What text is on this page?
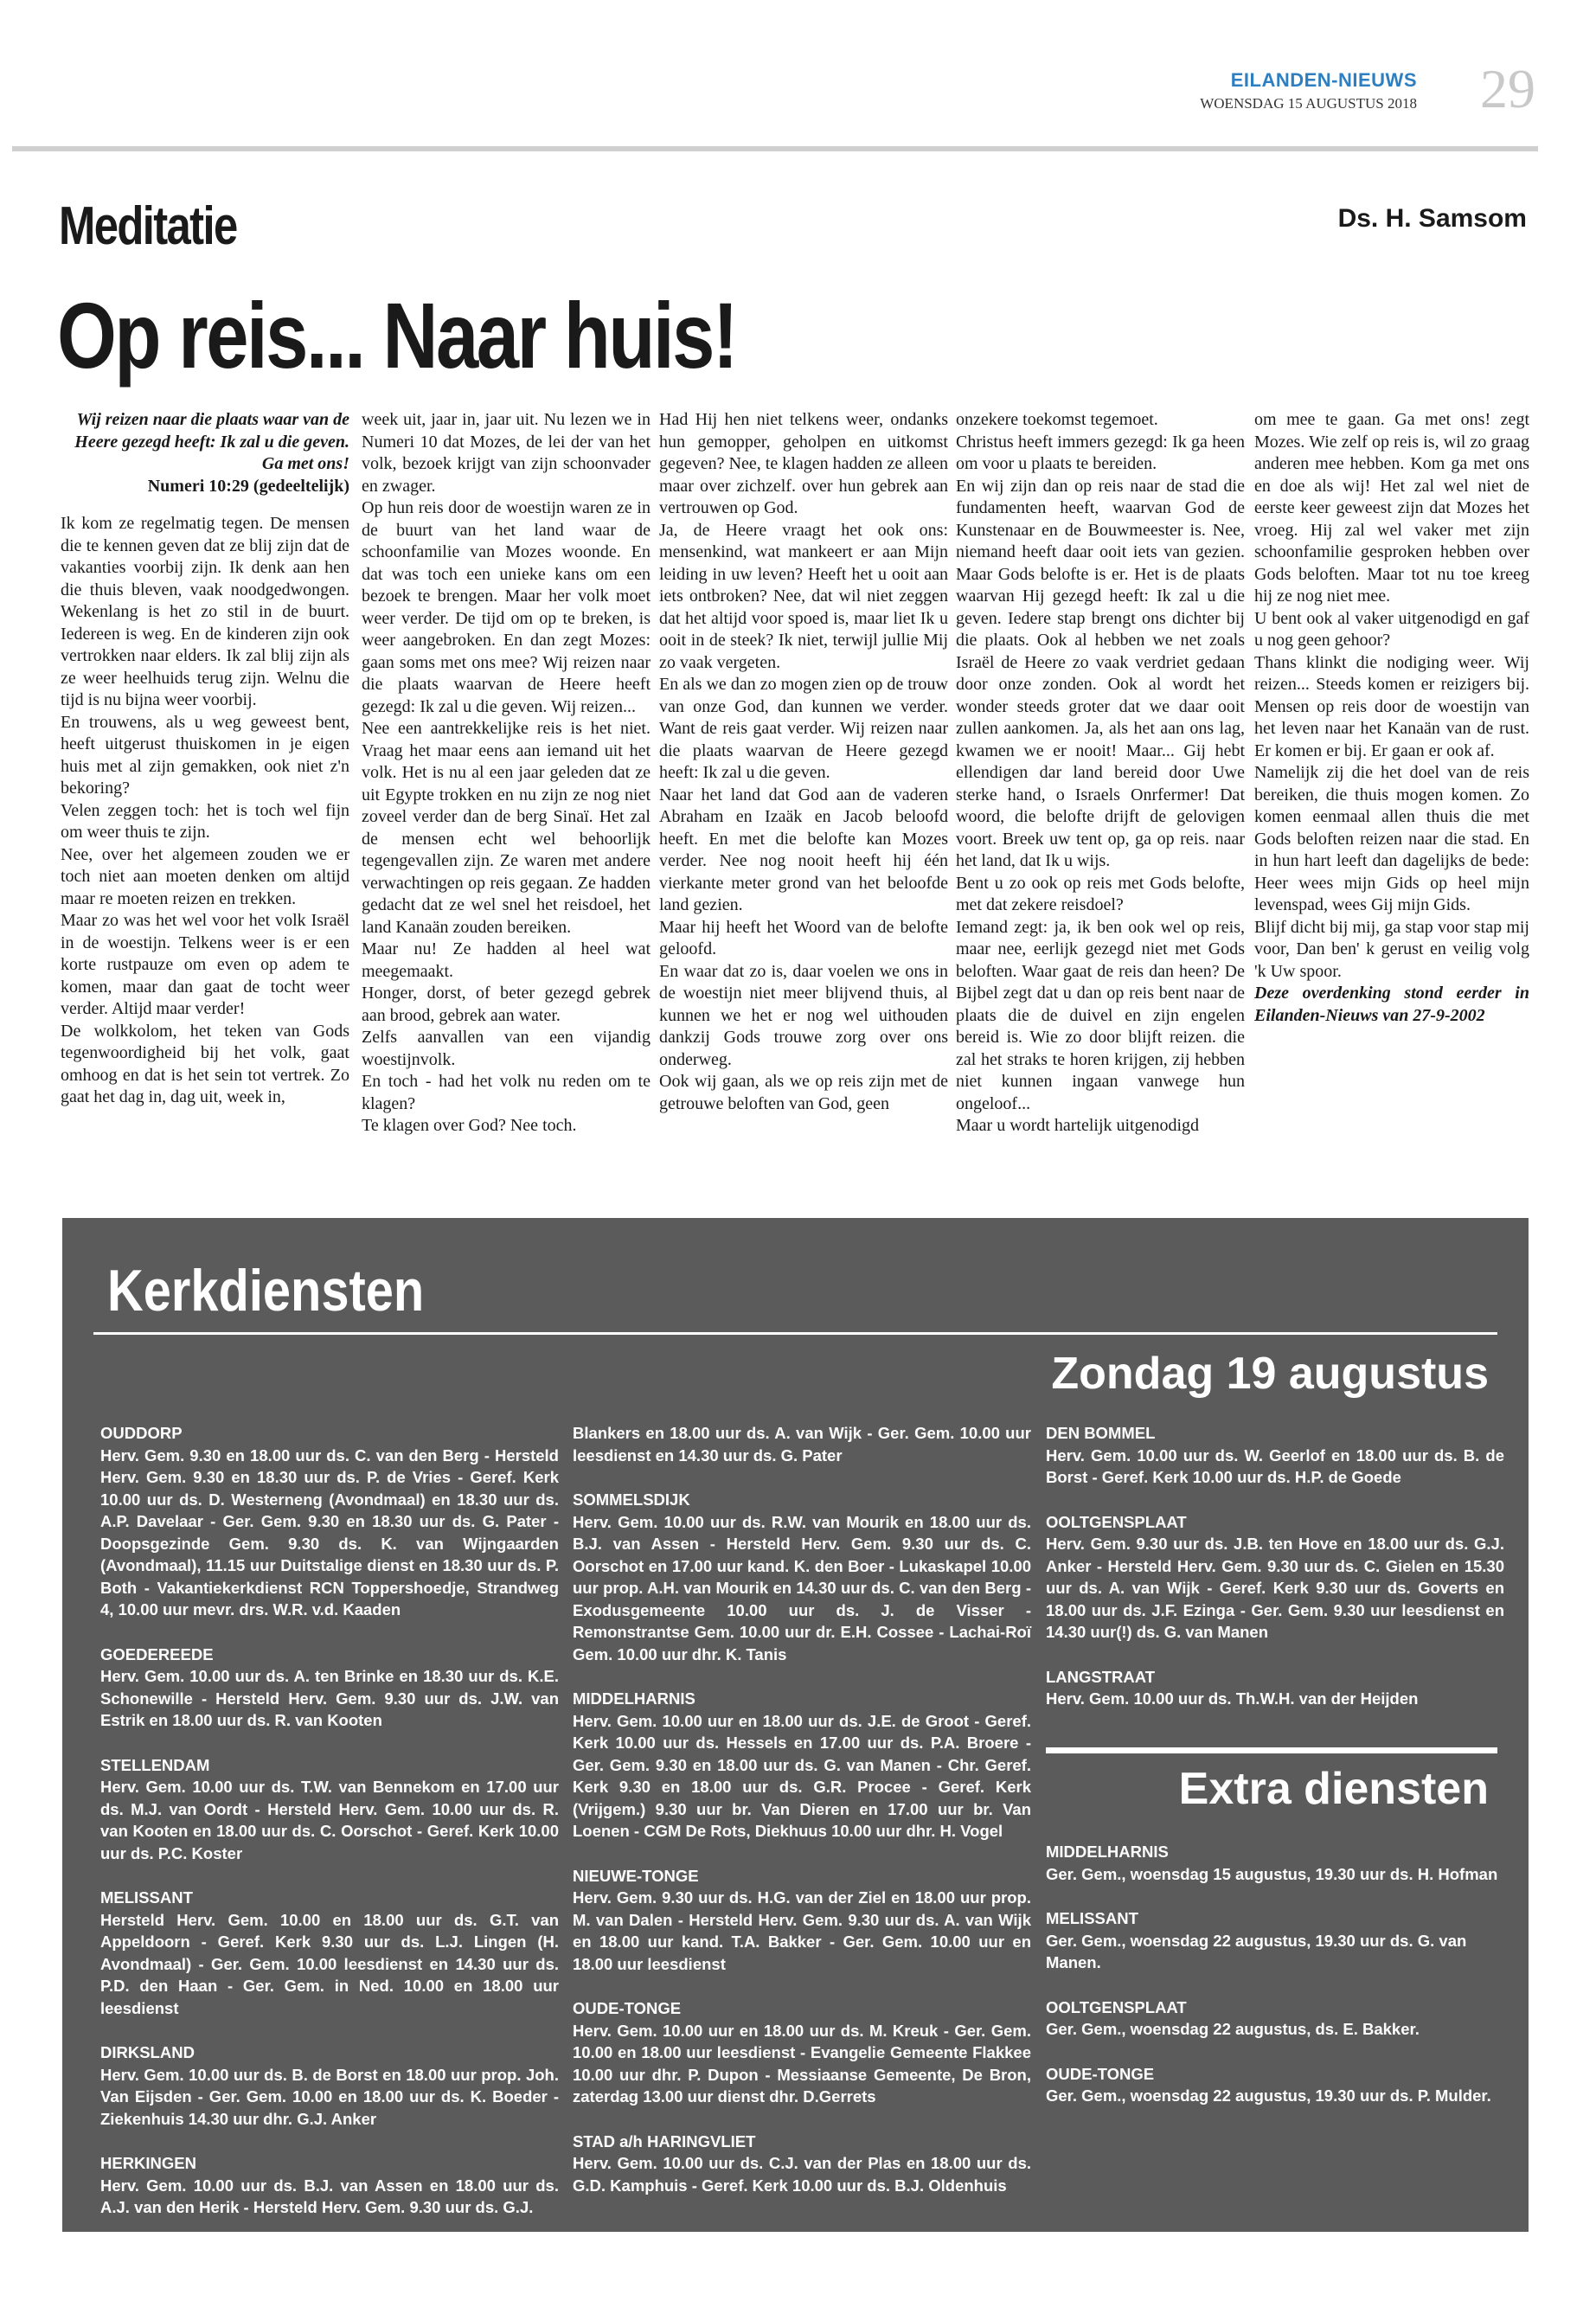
EILANDEN-NIEUWS
WOENSDAG 15 AUGUSTUS 2018 29
Meditatie	Ds. H. Samsom
Op reis... Naar huis!

Wij reizen naar die plaats waar van de Heere gezegd heeft: Ik zal u die geven. Ga met ons!

Numeri 10:29 (gedeeltelijk)

Ik kom ze regelmatig tegen. De mensen die te kennen geven dat ze blij zijn dat de vakanties voorbij zijn. Ik denk aan hen die thuis bleven, vaak noodgedwongen. Wekenlang is het zo stil in de buurt. Iedereen is weg. En de kinderen zijn ook vertrokken naar elders. Ik zal blij zijn als ze weer heelhuids terug zijn. Welnu die tijd is nu bijna weer voorbij.

En trouwens, als u weg geweest bent, heeft uitgerust thuiskomen in je eigen huis met al zijn gemakken, ook niet z'n bekoring?

Velen zeggen toch: het is toch wel fijn om weer thuis te zijn.

Nee, over het algemeen zouden we er toch niet aan moeten denken om altijd maar re moeten reizen en trekken.

Maar zo was het wel voor het volk Israël in de woestijn. Telkens weer is er een korte rustpauze om even op adem te komen, maar dan gaat de tocht weer verder. Altijd maar verder!

De wolkkolom, het teken van Gods tegenwoordigheid bij het volk, gaat omhoog en dat is het sein tot vertrek. Zo gaat het dag in, dag uit, week in,

week uit, jaar in, jaar uit. Nu lezen we in Numeri 10 dat Mozes, de lei der van het volk, bezoek krijgt van zijn schoonvader en zwager.

Op hun reis door de woestijn waren ze in de buurt van het land waar de schoonfamilie van Mozes woonde. En dat was toch een unieke kans om een bezoek te brengen. Maar her volk moet weer verder. De tijd om op te breken, is weer aangebroken. En dan zegt Mozes: gaan soms met ons mee? Wij reizen naar die plaats waarvan de Heere heeft gezegd: Ik zal u die geven. Wij reizen...

Nee een aantrekkelijke reis is het niet. Vraag het maar eens aan iemand uit het volk. Het is nu al een jaar geleden dat ze uit Egypte trokken en nu zijn ze nog niet zoveel verder dan de berg Sinaï. Het zal de mensen echt wel behoorlijk tegengevallen zijn. Ze waren met andere verwachtingen op reis gegaan. Ze hadden gedacht dat ze wel snel het reisdoel, het land Kanaän zouden bereiken.

Maar nu! Ze hadden al heel wat meegemaakt.

Honger, dorst, of beter gezegd gebrek aan brood, gebrek aan water.

Zelfs aanvallen van een vijandig woestijnvolk.

En toch - had het volk nu reden om te klagen?

Te klagen over God? Nee toch.

Had Hij hen niet telkens weer, ondanks hun gemopper, geholpen en uitkomst gegeven? Nee, te klagen hadden ze alleen maar over zichzelf. over hun gebrek aan vertrouwen op God.

Ja, de Heere vraagt het ook ons: mensenkind, wat mankeert er aan Mijn leiding in uw leven? Heeft het u ooit aan iets ontbroken? Nee, dat wil niet zeggen dat het altijd voor spoed is, maar liet Ik u ooit in de steek? Ik niet, terwijl jullie Mij zo vaak vergeten.

En als we dan zo mogen zien op de trouw van onze God, dan kunnen we verder. Want de reis gaat verder. Wij reizen naar die plaats waarvan de Heere gezegd heeft: Ik zal u die geven.

Naar het land dat God aan de vaderen Abraham en Izaäk en Jacob beloofd heeft. En met die belofte kan Mozes verder. Nee nog nooit heeft hij één vierkante meter grond van het beloofde land gezien.

Maar hij heeft het Woord van de belofte geloofd.

En waar dat zo is, daar voelen we ons in de woestijn niet meer blijvend thuis, al kunnen we het er nog wel uithouden dankzij Gods trouwe zorg over ons onderweg.

Ook wij gaan, als we op reis zijn met de getrouwe beloften van God, geen

onzekere toekomst tegemoet.

Christus heeft immers gezegd: Ik ga heen om voor u plaats te bereiden.

En wij zijn dan op reis naar de stad die fundamenten heeft, waarvan God de Kunstenaar en de Bouwmeester is. Nee, niemand heeft daar ooit iets van gezien. Maar Gods belofte is er. Het is de plaats waarvan Hij gezegd heeft: Ik zal u die geven. Iedere stap brengt ons dichter bij die plaats. Ook al hebben we net zoals Israël de Heere zo vaak verdriet gedaan door onze zonden. Ook al wordt het wonder steeds groter dat we daar ooit zullen aankomen. Ja, als het aan ons lag, kwamen we er nooit! Maar... Gij hebt ellendigen dar land bereid door Uwe sterke hand, o Israels Onrfermer! Dat woord, die belofte drijft de gelovigen voort. Breek uw tent op, ga op reis. naar het land, dat Ik u wijs.

Bent u zo ook op reis met Gods belofte, met dat zekere reisdoel?

Iemand zegt: ja, ik ben ook wel op reis, maar nee, eerlijk gezegd niet met Gods beloften. Waar gaat de reis dan heen? De Bijbel zegt dat u dan op reis bent naar de plaats die de duivel en zijn engelen bereid is. Wie zo door blijft reizen. die zal het straks te horen krijgen, zij hebben niet kunnen ingaan vanwege hun ongeloof...

Maar u wordt hartelijk uitgenodigd

om mee te gaan. Ga met ons! zegt Mozes. Wie zelf op reis is, wil zo graag anderen mee hebben. Kom ga met ons en doe als wij! Het zal wel niet de eerste keer geweest zijn dat Mozes het vroeg. Hij zal wel vaker met zijn schoonfamilie gesproken hebben over Gods beloften. Maar tot nu toe kreeg hij ze nog niet mee.

U bent ook al vaker uitgenodigd en gaf u nog geen gehoor?

Thans klinkt die nodiging weer. Wij reizen... Steeds komen er reizigers bij. Mensen op reis door de woestijn van het leven naar het Kanaän van de rust. Er komen er bij. Er gaan er ook af.

Namelijk zij die het doel van de reis bereiken, die thuis mogen komen. Zo komen eenmaal allen thuis die met Gods beloften reizen naar die stad. En in hun hart leeft dan dagelijks de bede: Heer wees mijn Gids op heel mijn levenspad, wees Gij mijn Gids.

Blijf dicht bij mij, ga stap voor stap mij voor, Dan ben' k gerust en veilig volg 'k Uw spoor.

Deze overdenking stond eerder in Eilanden-Nieuws van 27-9-2002

Kerkdiensten
Zondag 19 augustus

OUDDORP
Herv. Gem. 9.30 en 18.00 uur ds. C. van den Berg - Hersteld Herv. Gem. 9.30 en 18.30 uur ds. P. de Vries - Geref. Kerk 10.00 uur ds. D. Westerneng (Avondmaal) en 18.30 uur ds. A.P. Davelaar - Ger. Gem. 9.30 en 18.30 uur ds. G. Pater - Doopsgezinde Gem. 9.30 ds. K. van Wijngaarden (Avondmaal), 11.15 uur Duitstalige dienst en 18.30 uur ds. P. Both - Vakantiekerkdienst RCN Toppershoedje, Strandweg 4, 10.00 uur mevr. drs. W.R. v.d. Kaaden

GOEDEREEDE
Herv. Gem. 10.00 uur ds. A. ten Brinke en 18.30 uur ds. K.E. Schonewille - Hersteld Herv. Gem. 9.30 uur ds. J.W. van Estrik en 18.00 uur ds. R. van Kooten

STELLENDAM
Herv. Gem. 10.00 uur ds. T.W. van Bennekom en 17.00 uur ds. M.J. van Oordt - Hersteld Herv. Gem. 10.00 uur ds. R. van Kooten en 18.00 uur ds. C. Oorschot - Geref. Kerk 10.00 uur ds. P.C. Koster

MELISSANT
Hersteld Herv. Gem. 10.00 en 18.00 uur ds. G.T. van Appeldoorn - Geref. Kerk 9.30 uur ds. L.J. Lingen (H. Avondmaal) - Ger. Gem. 10.00 leesdienst en 14.30 uur ds. P.D. den Haan - Ger. Gem. in Ned. 10.00 en 18.00 uur leesdienst

DIRKSLAND
Herv. Gem. 10.00 uur ds. B. de Borst en 18.00 uur prop. Joh. Van Eijsden - Ger. Gem. 10.00 en 18.00 uur ds. K. Boeder - Ziekenhuis 14.30 uur dhr. G.J. Anker

HERKINGEN
Herv. Gem. 10.00 uur ds. B.J. van Assen en 18.00 uur ds. A.J. van den Herik - Hersteld Herv. Gem. 9.30 uur ds. G.J.

Blankers en 18.00 uur ds. A. van Wijk - Ger. Gem. 10.00 uur leesdienst en 14.30 uur ds. G. Pater

SOMMELSDIJK
Herv. Gem. 10.00 uur ds. R.W. van Mourik en 18.00 uur ds. B.J. van Assen - Hersteld Herv. Gem. 9.30 uur ds. C. Oorschot en 17.00 uur kand. K. den Boer - Lukaskapel 10.00 uur prop. A.H. van Mourik en 14.30 uur ds. C. van den Berg - Exodusgemeente 10.00 uur ds. J. de Visser - Remonstrantse Gem. 10.00 uur dr. E.H. Cossee - Lachai-Roï Gem. 10.00 uur dhr. K. Tanis

MIDDELHARNIS
Herv. Gem. 10.00 uur en 18.00 uur ds. J.E. de Groot - Geref. Kerk 10.00 uur ds. Hessels en 17.00 uur ds. P.A. Broere - Ger. Gem. 9.30 en 18.00 uur ds. G. van Manen - Chr. Geref. Kerk 9.30 en 18.00 uur ds. G.R. Procee - Geref. Kerk (Vrijgem.) 9.30 uur br. Van Dieren en 17.00 uur br. Van Loenen - CGM De Rots, Diekhuus 10.00 uur dhr. H. Vogel

NIEUWE-TONGE
Herv. Gem. 9.30 uur ds. H.G. van der Ziel en 18.00 uur prop. M. van Dalen - Hersteld Herv. Gem. 9.30 uur ds. A. van Wijk en 18.00 uur kand. T.A. Bakker - Ger. Gem. 10.00 uur en 18.00 uur leesdienst

OUDE-TONGE
Herv. Gem. 10.00 uur en 18.00 uur ds. M. Kreuk - Ger. Gem. 10.00 en 18.00 uur leesdienst - Evangelie Gemeente Flakkee 10.00 uur dhr. P. Dupon - Messiaanse Gemeente, De Bron, zaterdag 13.00 uur dienst dhr. D.Gerrets

STAD a/h HARINGVLIET
Herv. Gem. 10.00 uur ds. C.J. van der Plas en 18.00 uur ds. G.D. Kamphuis - Geref. Kerk 10.00 uur ds. B.J. Oldenhuis

DEN BOMMEL
Herv. Gem. 10.00 uur ds. W. Geerlof en 18.00 uur ds. B. de Borst - Geref. Kerk 10.00 uur ds. H.P. de Goede

OOLTGENSPLAAT
Herv. Gem. 9.30 uur ds. J.B. ten Hove en 18.00 uur ds. G.J. Anker - Hersteld Herv. Gem. 9.30 uur ds. C. Gielen en 15.30 uur ds. A. van Wijk - Geref. Kerk 9.30 uur ds. Goverts en 18.00 uur ds. J.F. Ezinga - Ger. Gem. 9.30 uur leesdienst en 14.30 uur(!) ds. G. van Manen

LANGSTRAAT
Herv. Gem. 10.00 uur ds. Th.W.H. van der Heijden

Extra diensten

MIDDELHARNIS
Ger. Gem., woensdag 15 augustus, 19.30 uur ds. H. Hofman

MELISSANT
Ger. Gem., woensdag 22 augustus, 19.30 uur ds. G. van Manen.

OOLTGENSPLAAT
Ger. Gem., woensdag 22 augustus, ds. E. Bakker.

OUDE-TONGE
Ger. Gem., woensdag 22 augustus, 19.30 uur ds. P. Mulder.
